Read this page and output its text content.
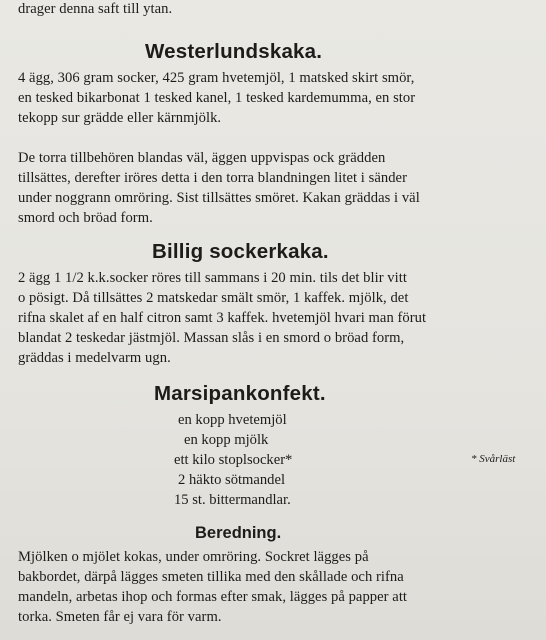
drager denna saft till ytan.

Westerlundskaka.

4 ägg, 306 gram socker, 425 gram hvetemjöl, 1 matsked skirt smör,

en tesked bikarbonat 1 tesked kanel, 1 tesked kardemumma, en stor

tekopp sur grädde eller kärnmjölk.

De torra tillbehören blandas väl, äggen uppvispas ock grädden

tillsättes, derefter iröres detta i den torra blandningen litet i sänder

under noggrann omröring. Sist tillsättes smöret. Kakan gräddas i väl

smord och bröad form.

Billig sockerkaka.

2 ägg 1 1/2 k.k.socker röres till sammans i 20 min. tils det blir vitt

o pösigt. Då tillsättes 2 matskedar smält smör, 1 kaffek. mjölk, det

rifna skalet af en half citron samt 3 kaffek. hvetemjöl hvari man förut

blandat 2 teskedar jästmjöl. Massan slås i en smord o bröad form,

gräddas i medelvarm ugn.

Marsipankonfekt.

en kopp hvetemjöl

en kopp mjölk

ett kilo stoplsocker*

2 häkto sötmandel

15 st. bittermandlar.

* Svårläst

Beredning.

Mjölken o mjölet kokas, under omröring. Sockret lägges på

bakbordet, därpå lägges smeten tillika med den skållade och rifna

mandeln, arbetas ihop och formas efter smak, lägges på papper att

torka. Smeten får ej vara för varm.
